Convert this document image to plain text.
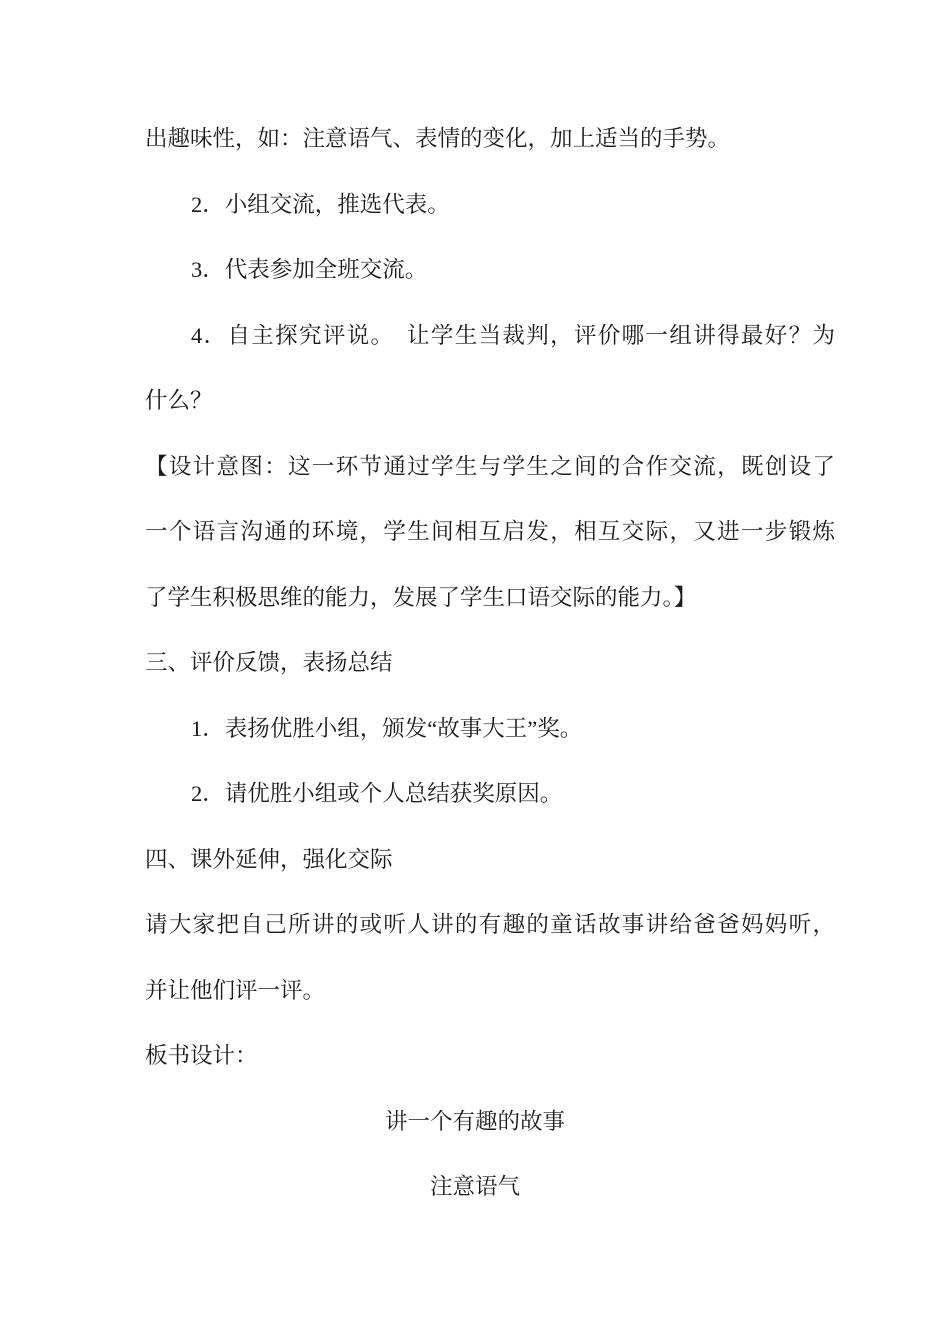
出趣味性，如：注意语气、表情的变化，加上适当的手势。
2．小组交流，推选代表。
3．代表参加全班交流。
4．自主探究评说。　让学生当裁判，评价哪一组讲得最好？为
什么？
【设计意图：这一环节通过学生与学生之间的合作交流，既创设了
一个语言沟通的环境，学生间相互启发，相互交际，又进一步锻炼
了学生积极思维的能力，发展了学生口语交际的能力。】
三、评价反馈，表扬总结
1．表扬优胜小组，颁发“故事大王”奖。
2．请优胜小组或个人总结获奖原因。
四、课外延伸，强化交际
请大家把自己所讲的或听人讲的有趣的童话故事讲给爸爸妈妈听，
并让他们评一评。
板书设计：
讲一个有趣的故事
注意语气
